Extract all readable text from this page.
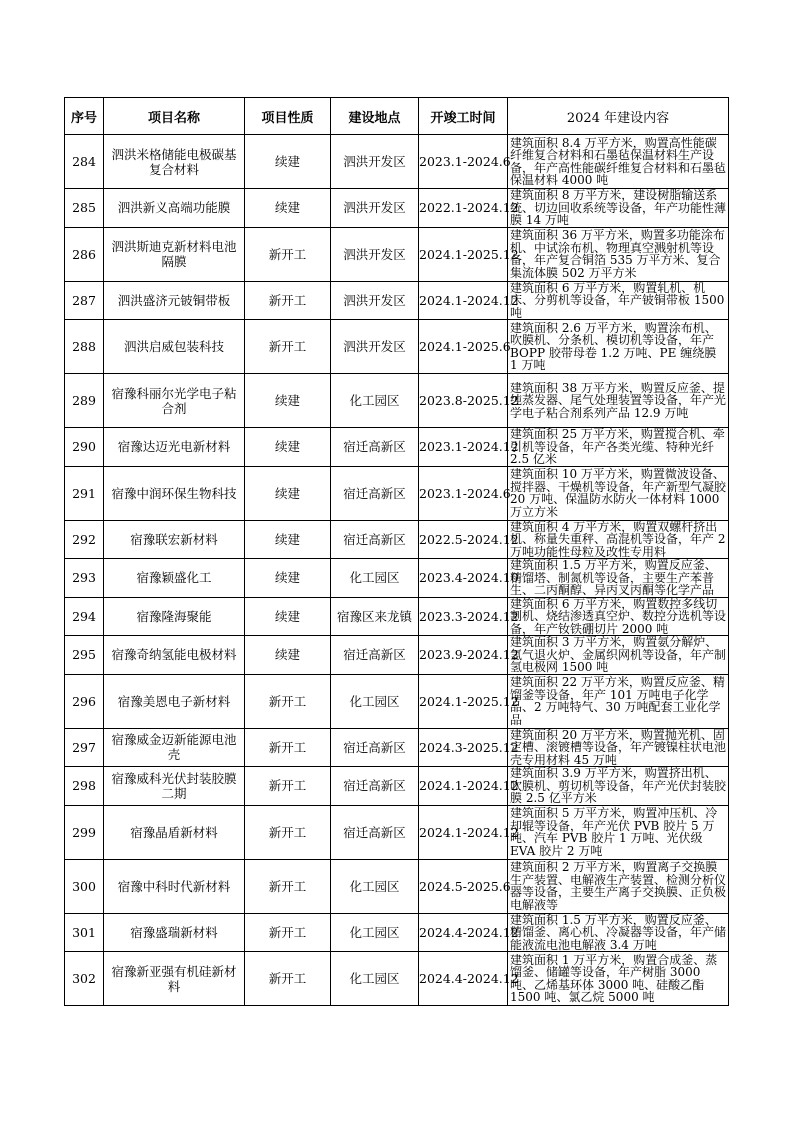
序号	项目名称	项目性质	建设地点	开竣工时间	2024 年建设内容
284	泗洪米格储能电极碳基复合材料	续建	泗洪开发区	2023.1-2024.6	建筑面积 8.4 万平方米，购置高性能碳纤维复合材料和石墨毡保温材料生产设备，年产高性能碳纤维复合材料和石墨毡保温材料 4000 吨
285	泗洪新义高端功能膜	续建	泗洪开发区	2022.1-2024.12	建筑面积 8 万平方米，建设树脂输送系统、切边回收系统等设备，年产功能性薄膜 14 万吨
286	泗洪斯迪克新材料电池隔膜	新开工	泗洪开发区	2024.1-2025.12	建筑面积 36 万平方米，购置多功能涂布机、中试涂布机、物理真空溅射机等设备，年产复合铜箔 535 万平方米、复合集流体膜 502 万平方米
287	泗洪盛济元铍铜带板	新开工	泗洪开发区	2024.1-2024.12	建筑面积 6 万平方米，购置轧机、机床、分剪机等设备，年产铍铜带板 1500 吨
288	泗洪启威包装科技	新开工	泗洪开发区	2024.1-2025.6	建筑面积 2.6 万平方米，购置涂布机、吹膜机、分条机、模切机等设备，年产 BOPP 胶带母卷 1.2 万吨、PE 缠绕膜 1 万吨
289	宿豫科丽尔光学电子粘合剂	续建	化工园区	2023.8-2025.12	建筑面积 38 万平方米，购置反应釜、提纯蒸发器、尾气处理装置等设备，年产光学电子粘合剂系列产品 12.9 万吨
290	宿豫达迈光电新材料	续建	宿迁高新区	2023.1-2024.12	建筑面积 25 万平方米，购置搅合机、牵引机等设备，年产各类光缆、特种光纤 2.5 亿米
291	宿豫中润环保生物科技	续建	宿迁高新区	2023.1-2024.6	建筑面积 10 万平方米，购置微波设备、搅拌器、干燥机等设备，年产新型气凝胶 20 万吨、保温防水防火一体材料 1000 万立方米
292	宿豫联宏新材料	续建	宿迁高新区	2022.5-2024.12	建筑面积 4 万平方米，购置双螺杆挤出机、称量失重秤、高混机等设备，年产 2 万吨功能性母粒及改性专用料
293	宿豫颖盛化工	续建	化工园区	2023.4-2024.10	建筑面积 1.5 万平方米，购置反应釜、精馏塔、制氮机等设备，主要生产苯普生、二丙酮醇、异丙叉丙酮等化学产品
294	宿豫隆海聚能	续建	宿豫区来龙镇	2023.3-2024.12	建筑面积 6 万平方米，购置数控多线切割机、烧结渗透真空炉、数控分选机等设备，年产钕铁硼切片 2000 吨
295	宿豫奇纳氢能电极材料	续建	宿迁高新区	2023.9-2024.12	建筑面积 3 万平方米，购置氨分解炉、氢气退火炉、金属织网机等设备，年产制氢电极网 1500 吨
296	宿豫美恩电子新材料	新开工	化工园区	2024.1-2025.12	建筑面积 22 万平方米，购置反应釜、精馏釜等设备，年产 101 万吨电子化学品、2 万吨特气、30 万吨配套工业化学品
297	宿豫威金迈新能源电池壳	新开工	宿迁高新区	2024.3-2025.12	建筑面积 20 万平方米，购置抛光机、固定槽、滚镀槽等设备，年产镀镍柱状电池壳专用材料 45 万吨
298	宿豫威科光伏封装胶膜二期	新开工	宿迁高新区	2024.1-2024.12	建筑面积 3.9 万平方米，购置挤出机、吹膜机、剪切机等设备，年产光伏封装胶膜 2.5 亿平方米
299	宿豫晶盾新材料	新开工	宿迁高新区	2024.1-2024.12	建筑面积 5 万平方米，购置冲压机、冷却辊等设备，年产光伏 PVB 胶片 5 万吨、汽车 PVB 胶片 1 万吨、光伏级 EVA 胶片 2 万吨
300	宿豫中科时代新材料	新开工	化工园区	2024.5-2025.6	建筑面积 2 万平方米，购置离子交换膜生产装置、电解液生产装置、检测分析仪器等设备，主要生产离子交换膜、正负极电解液等
301	宿豫盛瑞新材料	新开工	化工园区	2024.4-2024.12	建筑面积 1.5 万平方米，购置反应釜、精馏釜、离心机、冷凝器等设备，年产储能液流电池电解液 3.4 万吨
302	宿豫新亚强有机硅新材料	新开工	化工园区	2024.4-2024.12	建筑面积 1 万平方米，购置合成釜、蒸馏釜、储罐等设备，年产树脂 3000 吨、乙烯基环体 3000 吨、硅酸乙酯 1500 吨、氯乙烷 5000 吨
